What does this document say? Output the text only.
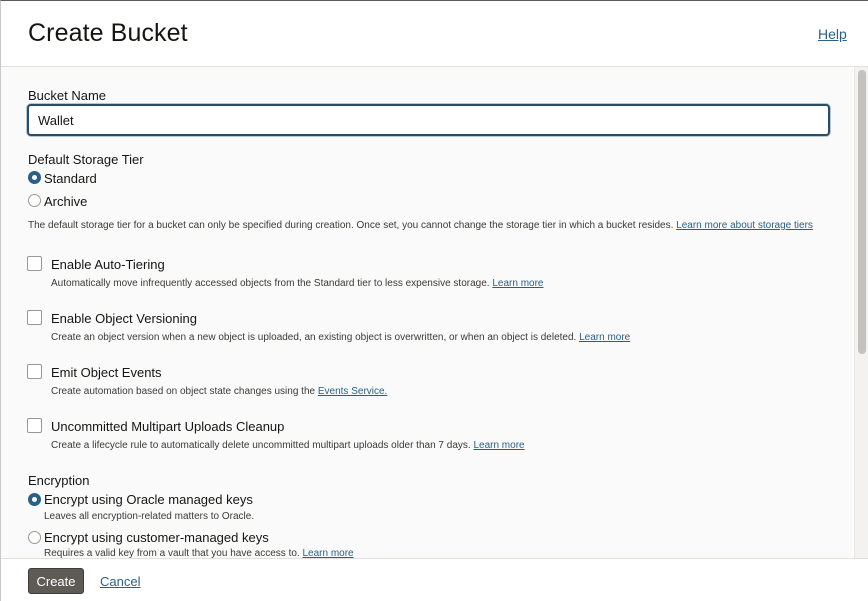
Create Bucket	Help
Bucket Name
Wallet
Default Storage Tier
Standard
Archive
The default storage tier for a bucket can only be specified during creation. Once set, you cannot change the storage tier in which a bucket resides. Learn more about storage tiers
Enable Auto-Tiering
Automatically move infrequently accessed objects from the Standard tier to less expensive storage. Learn more
Enable Object Versioning
Create an object version when a new object is uploaded, an existing object is overwritten, or when an object is deleted. Learn more
Emit Object Events
Create automation based on object state changes using the Events Service.
Uncommitted Multipart Uploads Cleanup
Create a lifecycle rule to automatically delete uncommitted multipart uploads older than 7 days. Learn more
Encryption
Encrypt using Oracle managed keys
Leaves all encryption-related matters to Oracle.
Encrypt using customer-managed keys
Requires a valid key from a vault that you have access to. Learn more
Create	Cancel
